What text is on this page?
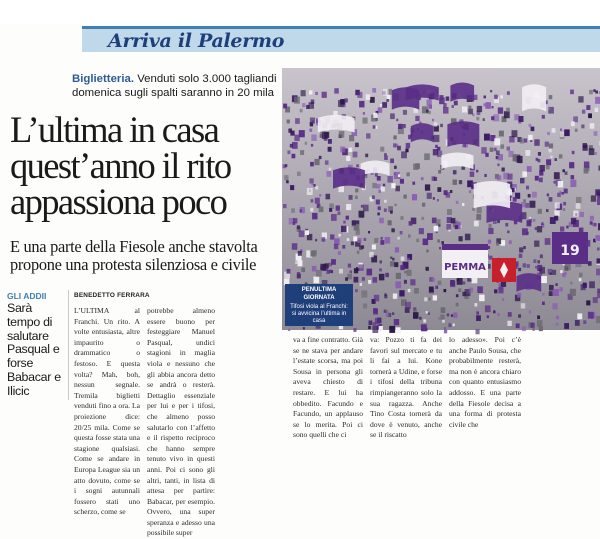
Arriva il Palermo
Biglietteria. Venduti solo 3.000 tagliandi domenica sugli spalti saranno in 20 mila
L’ultima in casa quest’anno il rito appassiona poco
E una parte della Fiesole anche stavolta propone una protesta silenziosa e civile
GLI ADDII
Sarà tempo di salutare Pasqual e forse Babacar e Ilicic
BENEDETTO FERRARA
L’ULTIMA al Franchi. Un rito. A volte entusiasta, altre impaurito o drammatico o festoso. E questa volta? Mah, boh, nessun segnale. Tremila biglietti venduti fino a ora. La proiezione dice: 20/25 mila. Come se questa fosse stata una stagione qualsiasi. Come se andare in Europa League sia un atto dovuto, come se i sogni autunnali fossero stati uno scherzo, come se
potrebbe almeno essere buono per festeggiare Manuel Pasqual, undici stagioni in maglia viola e nessuno che gli abbia ancora detto se andrà o resterà. Dettaglio essenziale per lui e per i tifosi, che almeno posso salutarlo con l’affetto e il rispetto reciproco che hanno sempre tenuto vivo in questi anni. Poi ci sono gli altri, tanti, in lista di attesa per partire: Babacar, per esempio. Ovvero, una super speranza e adesso una possibile super
va a fine contratto. Già se ne stava per andare l’estate scorsa, ma poi Sousa in persona gli aveva chiesto di restare. E lui ha obbedito. Facundo e Facundo, un applauso se lo merita. Poi ci sono quelli che ci
va: Pozzo ti fa dei favori sul mercato e tu li fai a lui. Kone tornerà a Udine, e forse i tifosi della tribuna rimpiangeranno solo la sua ragazza. Anche Tino Costa tornerà da dove è venuto, anche se il riscatto
lo adesso». Poi c’è anche Paulo Sousa, che probabilmente resterà, ma non è ancora chiaro con quanto entusiasmo addosso. E una parte della Fiesole decisa a una forma di protesta civile che
PEMMA
19
PENULTIMA GIORNATA
Tifosi viola al Franchi: si avvicina l’ultima in casa
